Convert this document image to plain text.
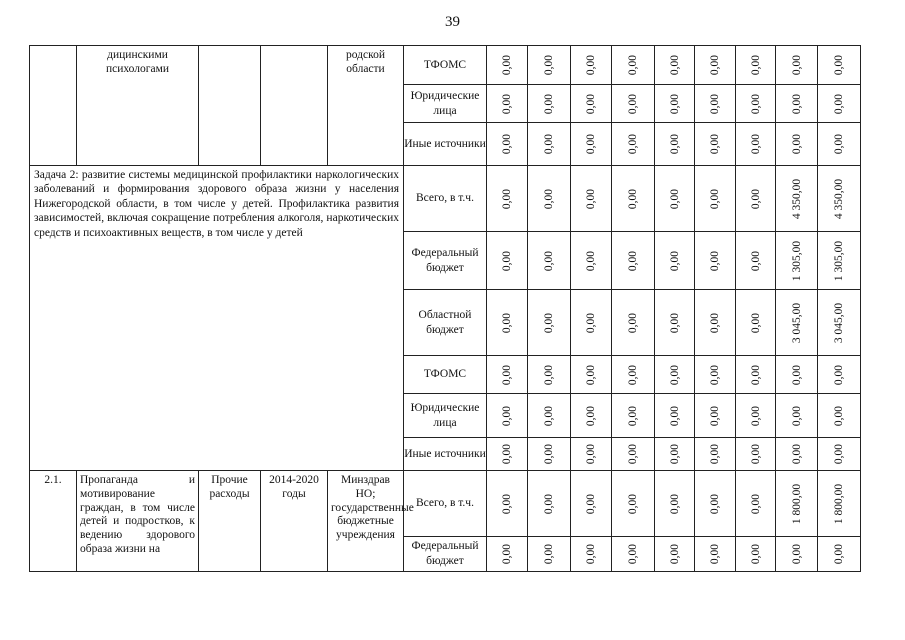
39

	дицинскими психологами			родской области	ТФОМС	0,00	0,00	0,00	0,00	0,00	0,00	0,00	0,00	0,00

					Юридические лица	0,00	0,00	0,00	0,00	0,00	0,00	0,00	0,00	0,00

					Иные источники	0,00	0,00	0,00	0,00	0,00	0,00	0,00	0,00	0,00

Задача 2: развитие системы медицинской профилактики наркологических заболеваний и формирования здорового образа жизни у населения Нижегородской области, в том числе у детей. Профилактика развития зависимостей, включая сокращение потребления алкоголя, наркотических средств и психоактивных веществ, в том числе у детей					Всего, в т.ч.	0,00	0,00	0,00	0,00	0,00	0,00	0,00	4 350,00	4 350,00

					Федеральный бюджет	0,00	0,00	0,00	0,00	0,00	0,00	0,00	1 305,00	1 305,00

					Областной бюджет	0,00	0,00	0,00	0,00	0,00	0,00	0,00	3 045,00	3 045,00

					ТФОМС	0,00	0,00	0,00	0,00	0,00	0,00	0,00	0,00	0,00

					Юридические лица	0,00	0,00	0,00	0,00	0,00	0,00	0,00	0,00	0,00

					Иные источники	0,00	0,00	0,00	0,00	0,00	0,00	0,00	0,00	0,00

2.1.	Пропаганда и мотивирование граждан, в том числе детей и подростков, к ведению здорового образа жизни на	Прочие расходы	2014-2020 годы	Минздрав НО; государственные бюджетные учреждения	Всего, в т.ч.	0,00	0,00	0,00	0,00	0,00	0,00	0,00	1 800,00	1 800,00

					Федеральный бюджет	0,00	0,00	0,00	0,00	0,00	0,00	0,00	0,00	0,00
